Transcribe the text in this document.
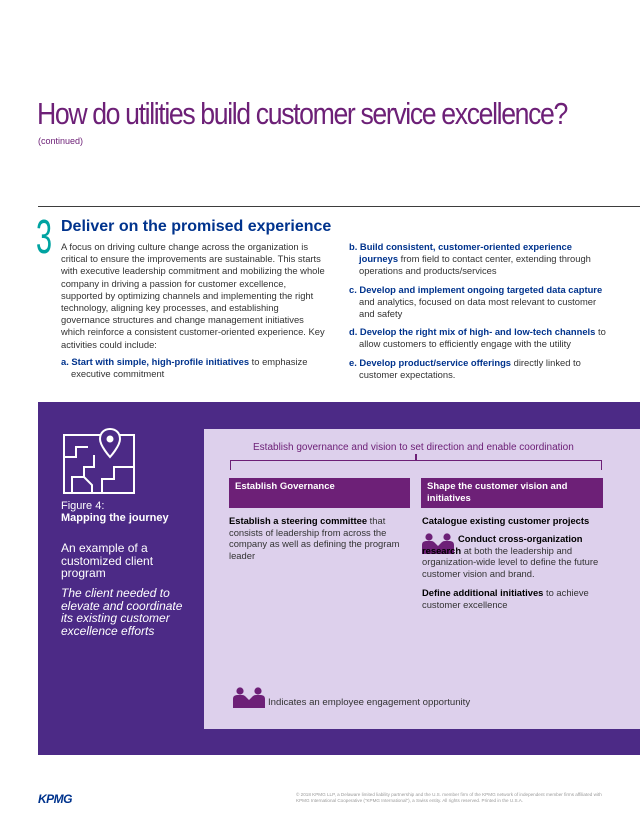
How do utilities build customer service excellence?
(continued)
3 Deliver on the promised experience
A focus on driving culture change across the organization is critical to ensure the improvements are sustainable. This starts with executive leadership commitment and mobilizing the whole company in driving a passion for customer excellence, supported by optimizing channels and implementing the right technology, aligning key processes, and establishing governance structures and change management initiatives which reinforce a consistent customer-oriented experience. Key activities could include:
a. Start with simple, high-profile initiatives to emphasize executive commitment
b. Build consistent, customer-oriented experience journeys from field to contact center, extending through operations and products/services
c. Develop and implement ongoing targeted data capture and analytics, focused on data most relevant to customer and safety
d. Develop the right mix of high- and low-tech channels to allow customers to efficiently engage with the utility
e. Develop product/service offerings directly linked to customer expectations.
Figure 4:
Mapping the journey
An example of a customized client program
The client needed to elevate and coordinate its existing customer excellence efforts
Establish governance and vision to set direction and enable coordination
Establish Governance	Shape the customer vision and initiatives
Establish a steering committee that consists of leadership from across the company as well as defining the program leader
Catalogue existing customer projects
Conduct cross-organization research at both the leadership and organization-wide level to define the future customer vision and brand.
Define additional initiatives to achieve customer excellence
Indicates an employee engagement opportunity
KPMG	© 2018 KPMG LLP, a Delaware limited liability partnership and the U.S. member firm of the KPMG network of independent member firms affiliated with KPMG International Cooperative (“KPMG International”), a Swiss entity. All rights reserved. Printed in the U.S.A.
